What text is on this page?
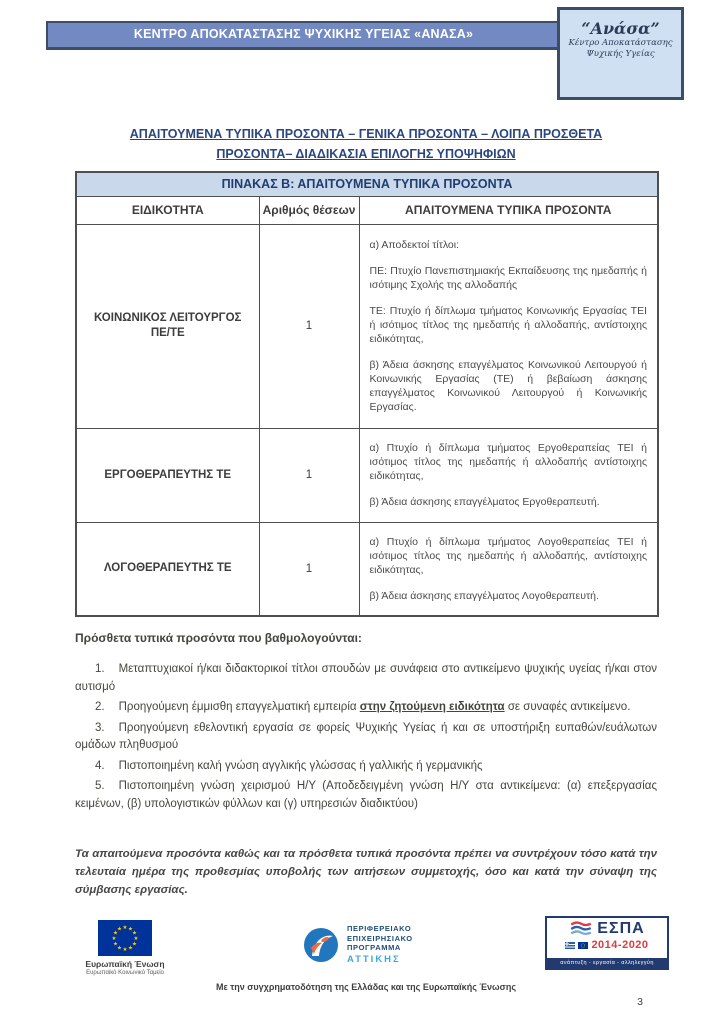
ΚΕΝΤΡΟ ΑΠΟΚΑΤΑΣΤΑΣΗΣ ΨΥΧΙΚΗΣ ΥΓΕΙΑΣ «ΑΝΑΣΑ»	“Ανάσα”
Κέντρο Αποκατάστασης
Ψυχικής Υγείας
ΑΠΑΙΤΟΥΜΕΝΑ ΤΥΠΙΚΑ ΠΡΟΣΟΝΤΑ – ΓΕΝΙΚΑ ΠΡΟΣΟΝΤΑ – ΛΟΙΠΑ ΠΡΟΣΘΕΤΑ
ΠΡΟΣΟΝΤΑ– ΔΙΑΔΙΚΑΣΙΑ ΕΠΙΛΟΓΗΣ ΥΠΟΨΗΦΙΩΝ
ΠΙΝΑΚΑΣ Β: ΑΠΑΙΤΟΥΜΕΝΑ ΤΥΠΙΚΑ ΠΡΟΣΟΝΤΑ		
ΕΙΔΙΚΟΤΗΤΑ	Αριθμός θέσεων	ΑΠΑΙΤΟΥΜΕΝΑ ΤΥΠΙΚΑ ΠΡΟΣΟΝΤΑ
ΚΟΙΝΩΝΙΚΟΣ ΛΕΙΤΟΥΡΓΟΣ ΠΕ/ΤΕ	1	α) Αποδεκτοί τίτλοι:

ΠΕ: Πτυχίο Πανεπιστημιακής Εκπαίδευσης της ημεδαπής ή ισότιμης Σχολής της αλλοδαπής

ΤΕ: Πτυχίο ή δίπλωμα τμήματος Κοινωνικής Εργασίας ΤΕΙ ή ισότιμος τίτλος της ημεδαπής ή αλλοδαπής, αντίστοιχης ειδικότητας,

β) Άδεια άσκησης επαγγέλματος Κοινωνικού Λειτουργού ή Κοινωνικής Εργασίας (ΤΕ) ή βεβαίωση άσκησης επαγγέλματος Κοινωνικού Λειτουργού ή Κοινωνικής Εργασίας.

ΕΡΓΟΘΕΡΑΠΕΥΤΗΣ ΤΕ	1	α) Πτυχίο ή δίπλωμα τμήματος Εργοθεραπείας ΤΕΙ ή ισότιμος τίτλος της ημεδαπής ή αλλοδαπής αντίστοιχης ειδικότητας,

β) Άδεια άσκησης επαγγέλματος Εργοθεραπευτή.

ΛΟΓΟΘΕΡΑΠΕΥΤΗΣ ΤΕ	1	α) Πτυχίο ή δίπλωμα τμήματος Λογοθεραπείας ΤΕΙ ή ισότιμος τίτλος της ημεδαπής ή αλλοδαπής, αντίστοιχης ειδικότητας,

β) Άδεια άσκησης επαγγέλματος Λογοθεραπευτή.

Πρόσθετα τυπικά προσόντα που βαθμολογούνται:

1. Μεταπτυχιακοί ή/και διδακτορικοί τίτλοι σπουδών με συνάφεια στο αντικείμενο ψυχικής υγείας ή/και στον αυτισμό

2. Προηγούμενη έμμισθη επαγγελματική εμπειρία στην ζητούμενη ειδικότητα σε συναφές αντικείμενο.

3. Προηγούμενη εθελοντική εργασία σε φορείς Ψυχικής Υγείας ή και σε υποστήριξη ευπαθών/ευάλωτων ομάδων πληθυσμού

4. Πιστοποιημένη καλή γνώση αγγλικής γλώσσας ή γαλλικής ή γερμανικής

5. Πιστοποιημένη γνώση χειρισμού Η/Υ (Αποδεδειγμένη γνώση Η/Υ στα αντικείμενα: (α) επεξεργασίας κειμένων, (β) υπολογιστικών φύλλων και (γ) υπηρεσιών διαδικτύου)

Τα απαιτούμενα προσόντα καθώς και τα πρόσθετα τυπικά προσόντα πρέπει να συντρέχουν τόσο κατά την τελευταία ημέρα της προθεσμίας υποβολής των αιτήσεων συμμετοχής, όσο και κατά την σύναψη της σύμβασης εργασίας.
★ ★
★
★
★
★
★
★
★
★
★
★
Ευρωπαϊκή Ένωση
Ευρωπαϊκό Κοινωνικό Ταμείο
ΠΕΡΙΦΕΡΕΙΑΚΟ
ΕΠΙΧΕΙΡΗΣΙΑΚΟ
ΠΡΟΓΡΑΜΜΑ
ΑΤΤΙΚΗΣ
ΕΣΠΑ
2014-2020
ανάπτυξη - εργασία - αλληλεγγύη
Με την συγχρηματοδότηση της Ελλάδας και της Ευρωπαϊκής Ένωσης
3
